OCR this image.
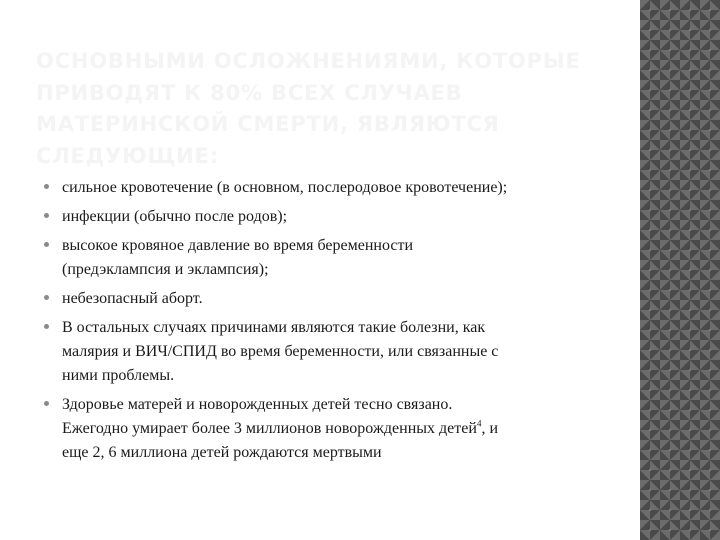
ОСНОВНЫМИ ОСЛОЖНЕНИЯМИ, КОТОРЫЕ ПРИВОДЯТ К 80% ВСЕХ СЛУЧАЕВ МАТЕРИНСКОЙ СМЕРТИ, ЯВЛЯЮТСЯ СЛЕДУЮЩИЕ:
сильное кровотечение (в основном, послеродовое кровотечение);
инфекции (обычно после родов);
высокое кровяное давление во время беременности (предэклампсия и эклампсия);
небезопасный аборт.
В остальных случаях причинами являются такие болезни, как малярия и ВИЧ/СПИД во время беременности, или связанные с ними проблемы.
Здоровье матерей и новорожденных детей тесно связано. Ежегодно умирает более 3 миллионов новорожденных детей$^4$, и еще 2, 6 миллиона детей рождаются мертвыми
